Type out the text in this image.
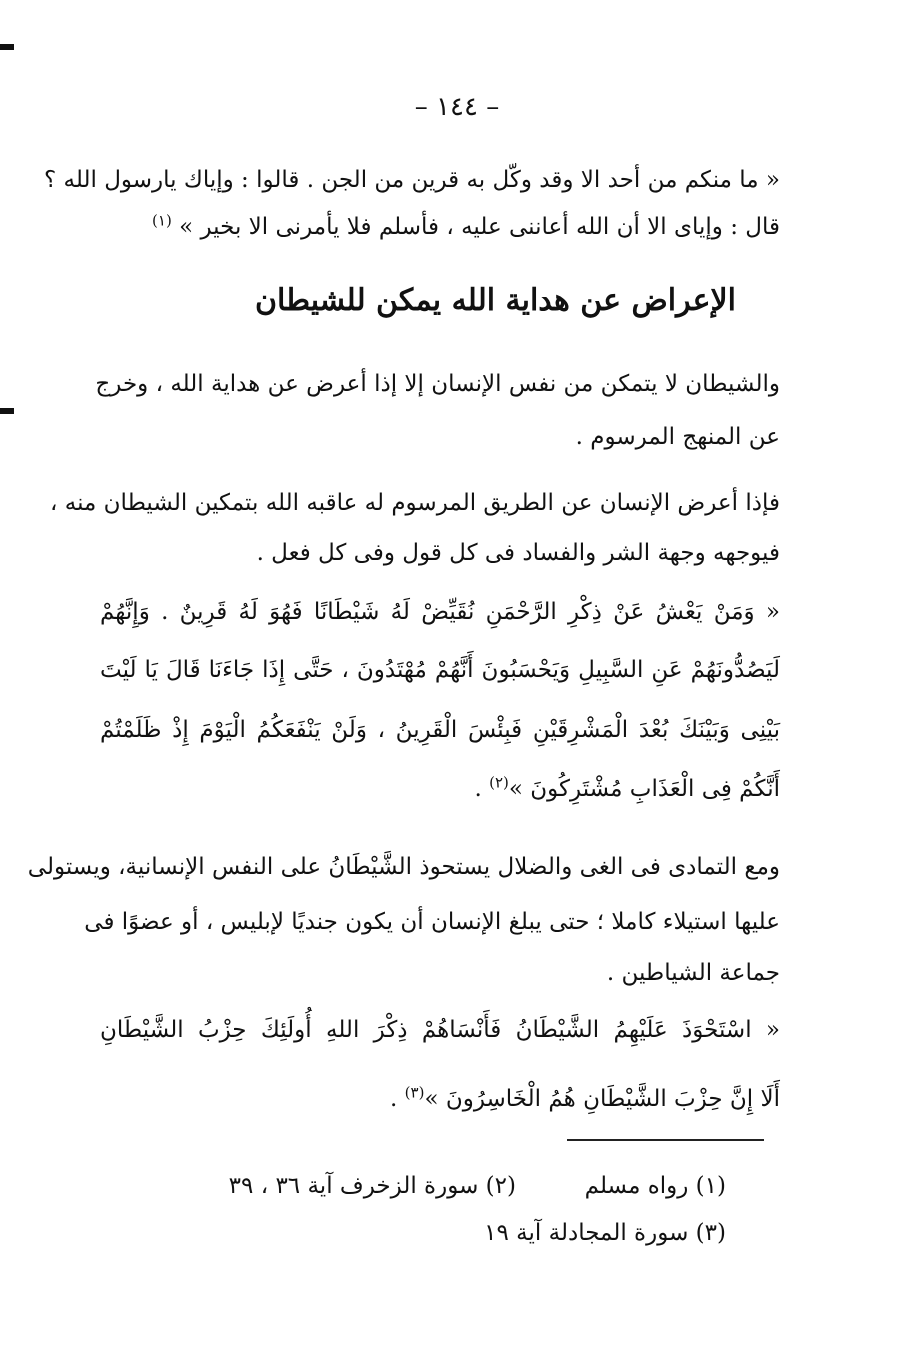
– ١٤٤ –
« ما منكم من أحد الا وقد وكّل به قرين من الجن . قالوا : وإياك يارسول الله ؟
قال : وإياى الا أن الله أعاننى عليه ، فأسلم فلا يأمرنى الا بخير » $^{(١)}$
الإعراض عن هداية الله يمكن للشيطان
والشيطان لا يتمكن من نفس الإنسان إلا إذا أعرض عن هداية الله ، وخرج
عن المنهج المرسوم .
فإذا أعرض الإنسان عن الطريق المرسوم له عاقبه الله بتمكين الشيطان منه ،
فيوجهه وجهة الشر والفساد فى كل قول وفى كل فعل .
« وَمَنْ يَعْشُ عَنْ ذِكْرِ الرَّحْمَنِ نُقَيِّضْ لَهُ شَيْطَانًا فَهُوَ لَهُ قَرِينٌ . وَإِنَّهُمْ
لَيَصُدُّونَهُمْ عَنِ السَّبِيلِ وَيَحْسَبُونَ أَنَّهُمْ مُهْتَدُونَ ، حَتَّى إِذَا جَاءَنَا قَالَ يَا لَيْتَ
بَيْنِى وَبَيْنَكَ بُعْدَ الْمَشْرِقَيْنِ فَبِئْسَ الْقَرِينُ ، وَلَنْ يَنْفَعَكُمُ الْيَوْمَ إِذْ ظَلَمْتُمْ
أَنَّكُمْ فِى الْعَذَابِ مُشْتَرِكُونَ »$^{(٢)}$ .
ومع التمادى فى الغى والضلال يستحوذ الشَّيْطَانُ على النفس الإنسانية، ويستولى
عليها استيلاء كاملا ؛ حتى يبلغ الإنسان أن يكون جنديًا لإبليس ، أو عضوًا فى
جماعة الشياطين .
« اسْتَحْوَذَ عَلَيْهِمُ الشَّيْطَانُ فَأَنْسَاهُمْ ذِكْرَ اللهِ أُولَئِكَ حِزْبُ الشَّيْطَانِ
أَلَا إِنَّ حِزْبَ الشَّيْطَانِ هُمُ الْخَاسِرُونَ »$^{(٣)}$ .
(١) رواه مسلم
(٢) سورة الزخرف آية ٣٦ ، ٣٩
(٣) سورة المجادلة آية ١٩
